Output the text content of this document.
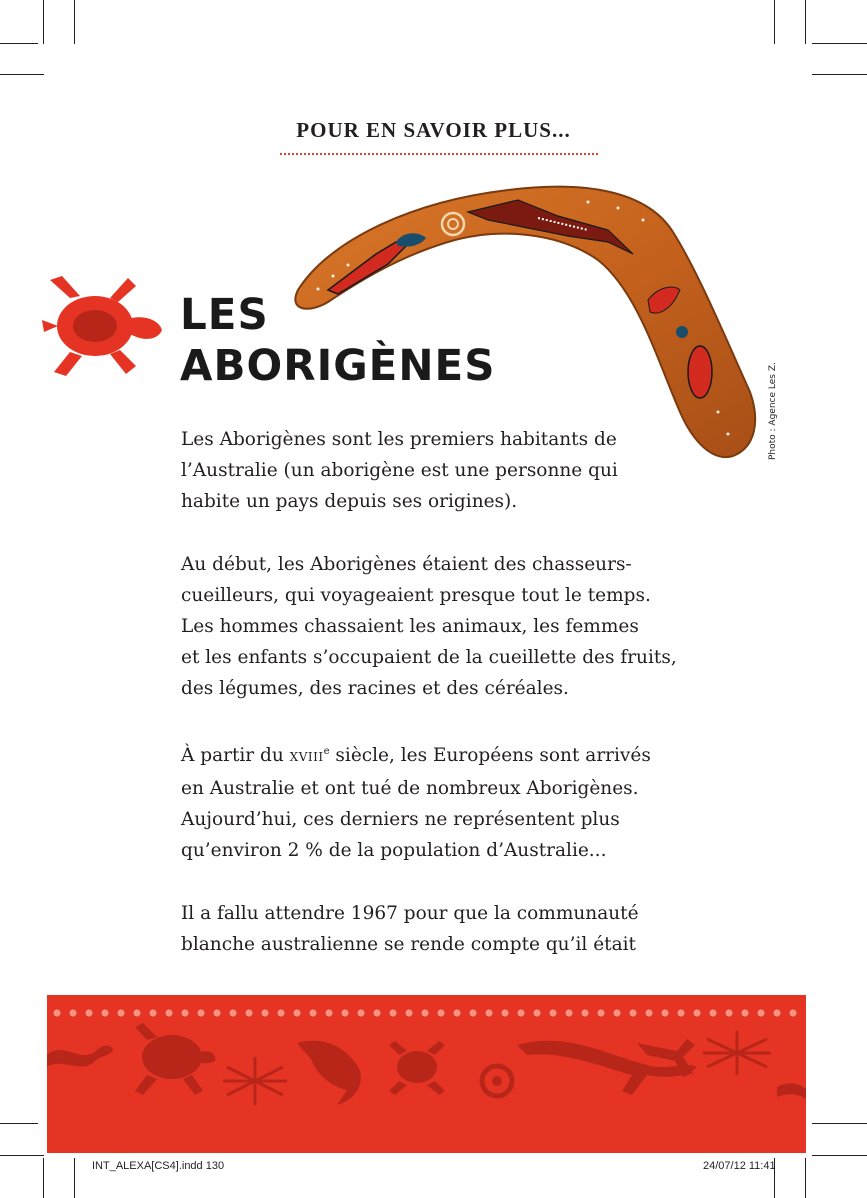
POUR EN SAVOIR PLUS...
Photo : Agence Les Z.
LES
ABORIGÈNES

Les Aborigènes sont les premiers habitants de
l’Australie (un aborigène est une personne qui
habite un pays depuis ses origines).

Au début, les Aborigènes étaient des chasseurs-
cueilleurs, qui voyageaient presque tout le temps.
Les hommes chassaient les animaux, les femmes
et les enfants s’occupaient de la cueillette des fruits,
des légumes, des racines et des céréales.

À partir du XVIIIe siècle, les Européens sont arrivés
en Australie et ont tué de nombreux Aborigènes.
Aujourd’hui, ces derniers ne représentent plus
qu’environ 2 % de la population d’Australie...

Il a fallu attendre 1967 pour que la communauté
blanche australienne se rende compte qu’il était

INT_ALEXA[CS4].indd 130	24/07/12 11:41
